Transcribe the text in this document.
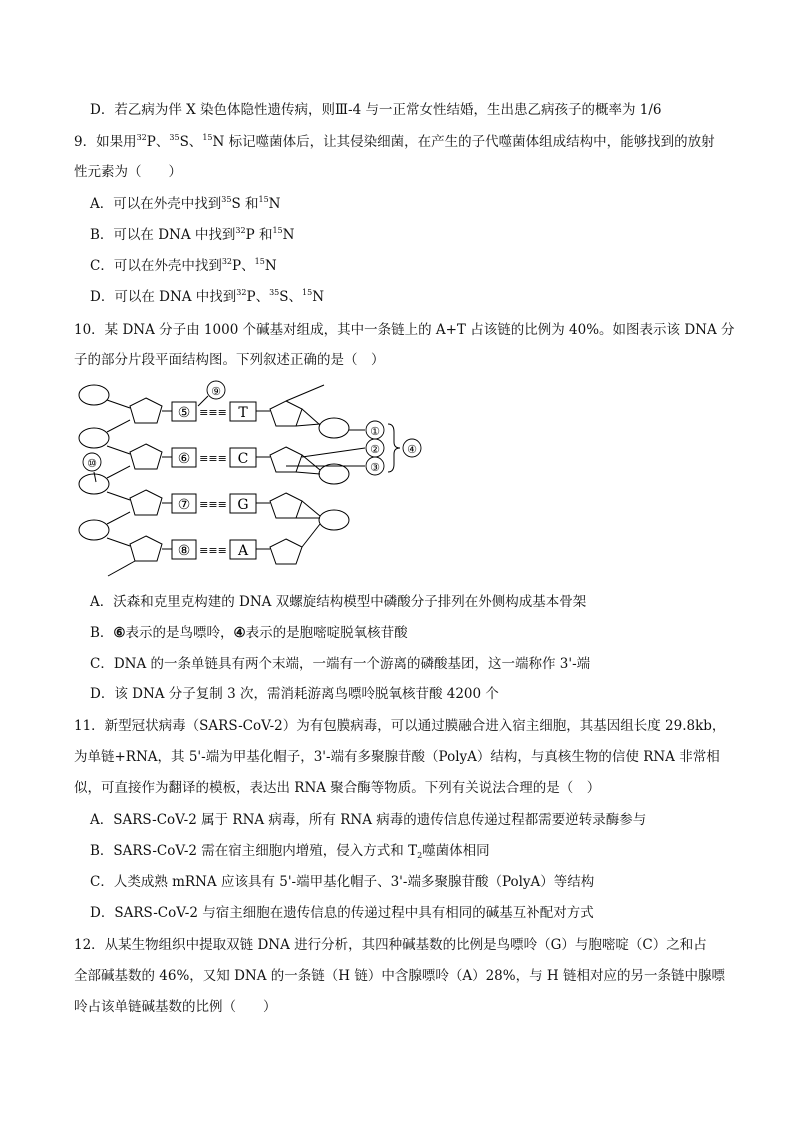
D．若乙病为伴 X 染色体隐性遗传病，则Ⅲ-4 与一正常女性结婚，生出患乙病孩子的概率为 1/6
9．如果用$^{32}$P、$^{35}$S、$^{15}$N 标记噬菌体后，让其侵染细菌，在产生的子代噬菌体组成结构中，能够找到的放射
性元素为（　　）
A．可以在外壳中找到$^{35}$S 和$^{15}$N
B．可以在 DNA 中找到$^{32}$P 和$^{15}$N
C．可以在外壳中找到$^{32}$P、$^{15}$N
D．可以在 DNA 中找到$^{32}$P、$^{35}$S、$^{15}$N
10．某 DNA 分子由 1000 个碱基对组成，其中一条链上的 A+T 占该链的比例为 40%。如图表示该 DNA 分
子的部分片段平面结构图。下列叙述正确的是（　）
⑤
⑥
⑦
⑧
T
C
G
A
≡≡≡
≡≡≡
≡≡≡
≡≡≡
⑨
⑩
①
②
③
④
A．沃森和克里克构建的 DNA 双螺旋结构模型中磷酸分子排列在外侧构成基本骨架
B．⑥表示的是鸟嘌呤，④表示的是胞嘧啶脱氧核苷酸
C．DNA 的一条单链具有两个末端，一端有一个游离的磷酸基团，这一端称作 3'-端
D．该 DNA 分子复制 3 次，需消耗游离鸟嘌呤脱氧核苷酸 4200 个
11．新型冠状病毒（SARS-CoV-2）为有包膜病毒，可以通过膜融合进入宿主细胞，其基因组长度 29.8kb，
为单链+RNA，其 5'-端为甲基化帽子，3'-端有多聚腺苷酸（PolyA）结构，与真核生物的信使 RNA 非常相
似，可直接作为翻译的模板，表达出 RNA 聚合酶等物质。下列有关说法合理的是（　）
A．SARS-CoV-2 属于 RNA 病毒，所有 RNA 病毒的遗传信息传递过程都需要逆转录酶参与
B．SARS-CoV-2 需在宿主细胞内增殖，侵入方式和 $T_2$噬菌体相同
C．人类成熟 mRNA 应该具有 5'-端甲基化帽子、3'-端多聚腺苷酸（PolyA）等结构
D．SARS-CoV-2 与宿主细胞在遗传信息的传递过程中具有相同的碱基互补配对方式
12．从某生物组织中提取双链 DNA 进行分析，其四种碱基数的比例是鸟嘌呤（G）与胞嘧啶（C）之和占
全部碱基数的 46%，又知 DNA 的一条链（H 链）中含腺嘌呤（A）28%，与 H 链相对应的另一条链中腺嘌
呤占该单链碱基数的比例（　　）
